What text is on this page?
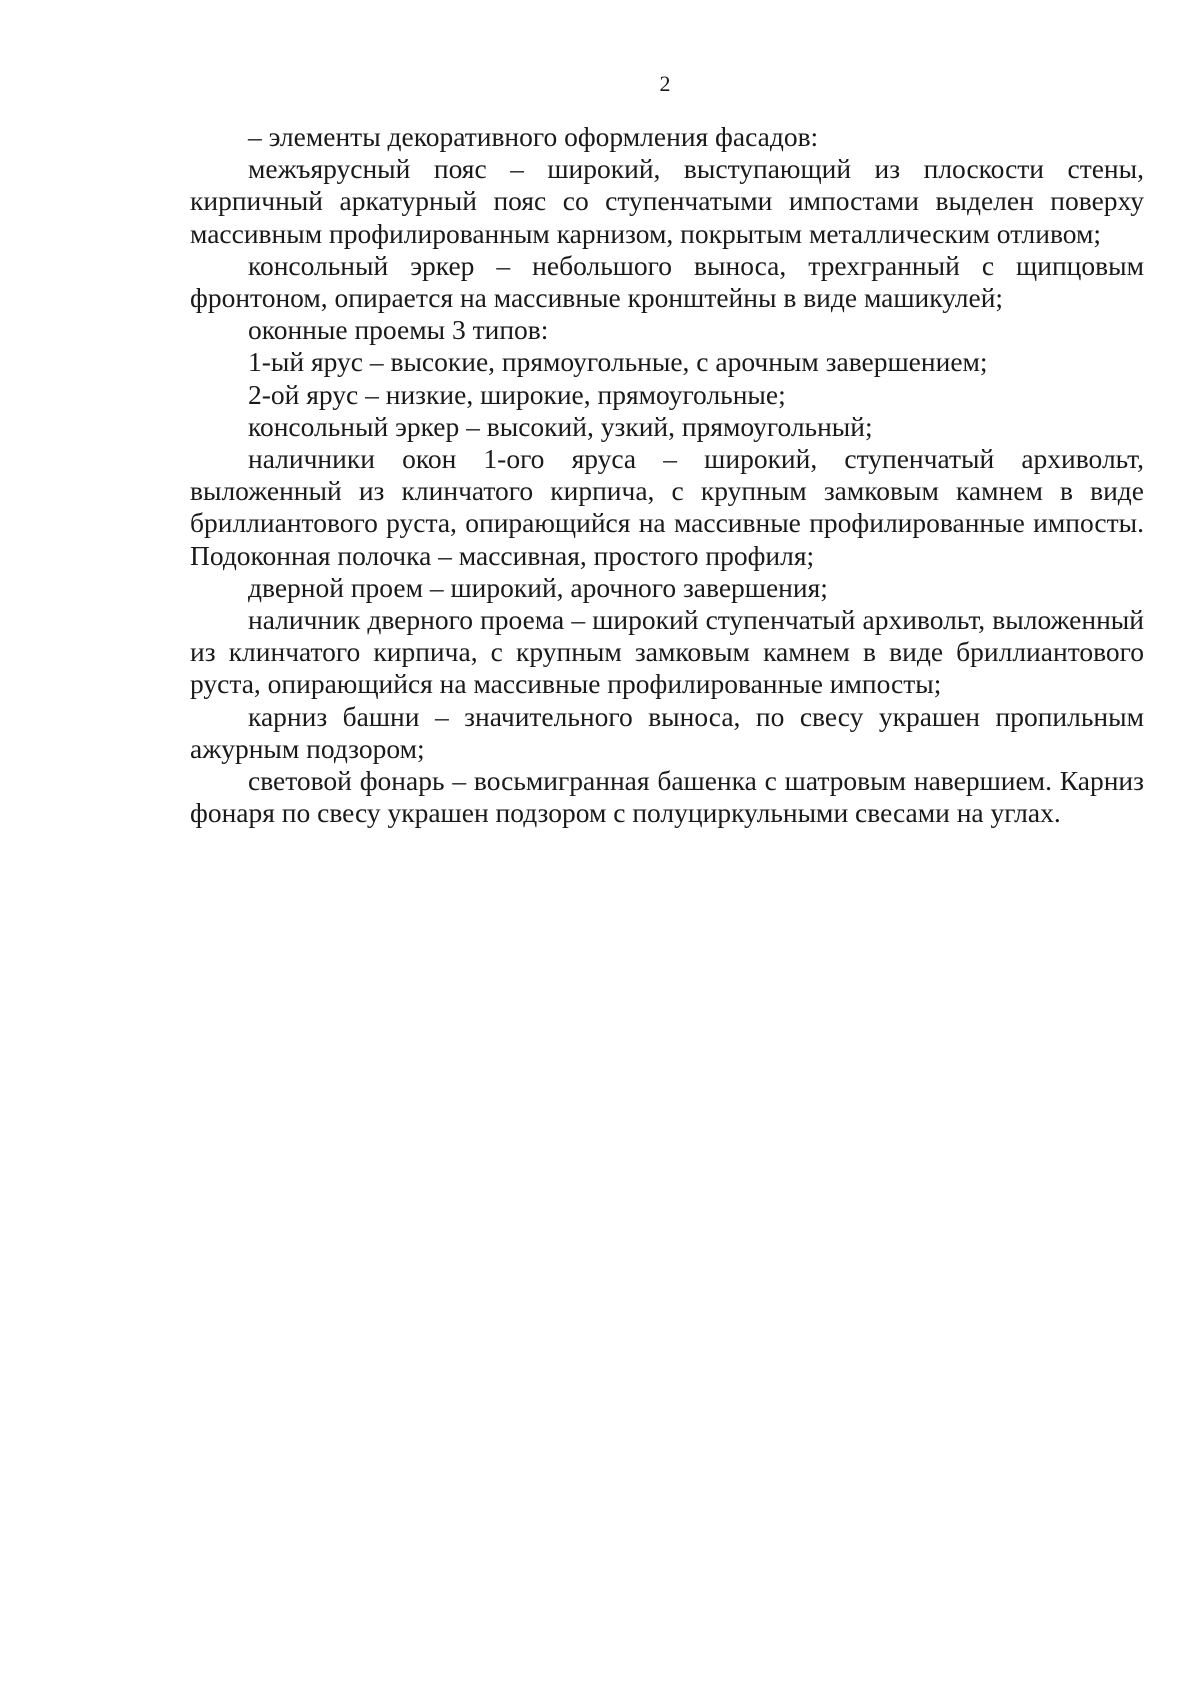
2

– элементы декоративного оформления фасадов:

межъярусный пояс – широкий, выступающий из плоскости стены, кирпичный аркатурный пояс со ступенчатыми импостами выделен поверху массивным профилированным карнизом, покрытым металлическим отливом;

консольный эркер – небольшого выноса, трехгранный с щипцовым фронтоном, опирается на массивные кронштейны в виде машикулей;

оконные проемы 3 типов:

1-ый ярус – высокие, прямоугольные, с арочным завершением;

2-ой ярус – низкие, широкие, прямоугольные;

консольный эркер – высокий, узкий, прямоугольный;

наличники окон 1-ого яруса – широкий, ступенчатый архивольт, выложенный из клинчатого кирпича, с крупным замковым камнем в виде бриллиантового руста, опирающийся на массивные профилированные импосты. Подоконная полочка – массивная, простого профиля;

дверной проем – широкий, арочного завершения;

наличник дверного проема – широкий ступенчатый архивольт, выложенный из клинчатого кирпича, с крупным замковым камнем в виде бриллиантового руста, опирающийся на массивные профилированные импосты;

карниз башни – значительного выноса, по свесу украшен пропильным ажурным подзором;

световой фонарь – восьмигранная башенка с шатровым навершием. Карниз фонаря по свесу украшен подзором с полуциркульными свесами на углах.
